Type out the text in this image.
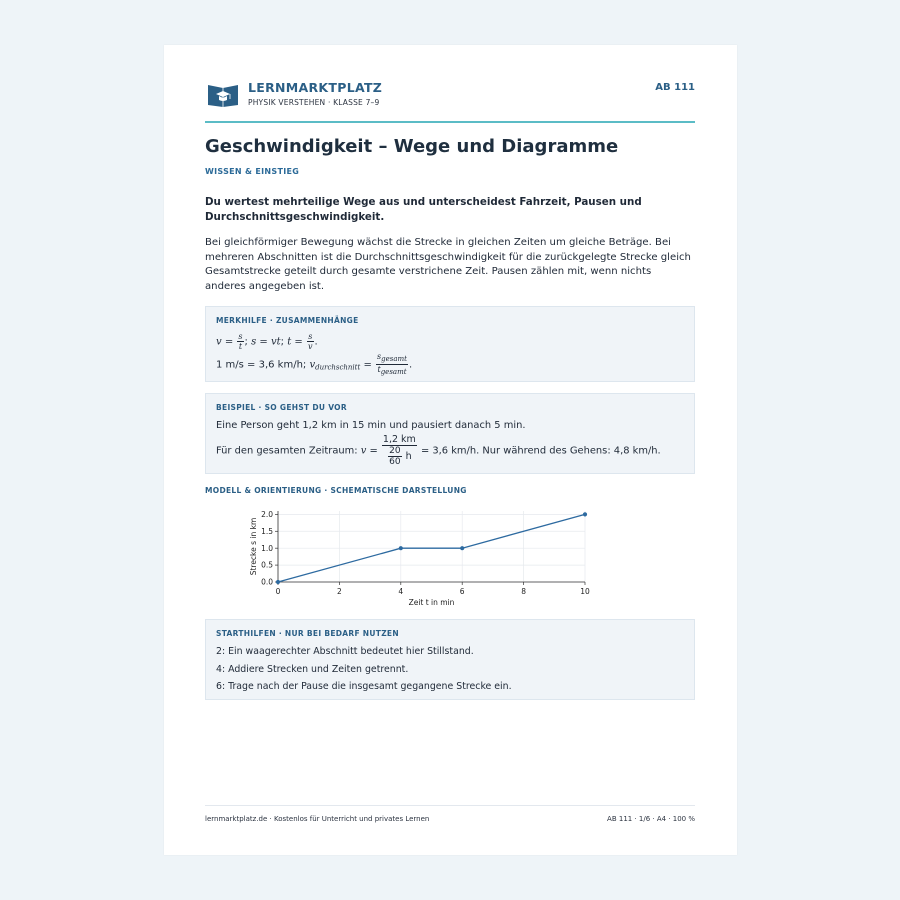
LERNMARKTPLATZ
PHYSIK VERSTEHEN · KLASSE 7–9
AB 111
Geschwindigkeit – Wege und Diagramme
WISSEN & EINSTIEG
Du wertest mehrteilige Wege aus und unterscheidest Fahrzeit, Pausen und Durchschnittsgeschwindigkeit.
Bei gleichförmiger Bewegung wächst die Strecke in gleichen Zeiten um gleiche Beträge. Bei mehreren Abschnitten ist die Durchschnittsgeschwindigkeit für die zurückgelegte Strecke gleich Gesamtstrecke geteilt durch gesamte verstrichene Zeit. Pausen zählen mit, wenn nichts anderes angegeben ist.
MERKHILFE · ZUSAMMENHÄNGE
$v = \frac{s}{t}$ ; s = vt; $t = \frac{s}{v}$ .
1 m/s = 3,6 km/h; $v_{durchschnitt} = \frac{\text{sgesamt}}{\text{tgesamt}}$ .
BEISPIEL · SO GEHST DU VOR
Eine Person geht 1,2 km in 15 min und pausiert danach 5 min.
Für den gesamten Zeitraum: $v = \frac{1,2 km}{\frac{20}{60} h} = 3,6$ km/h. Nur während des Gehens: 4,8 km/h.
MODELL & ORIENTIERUNG · SCHEMATISCHE DARSTELLUNG
0	2	4	6	8	10
0.0
0.5
1.0
1.5
2.0
Zeit t in min
Strecke s in km
STARTHILFEN · NUR BEI BEDARF NUTZEN
2: Ein waagerechter Abschnitt bedeutet hier Stillstand.
4: Addiere Strecken und Zeiten getrennt.
6: Trage nach der Pause die insgesamt gegangene Strecke ein.
lernmarktplatz.de · Kostenlos für Unterricht und privates Lernen	AB 111 · 1/6 · A4 · 100 %
